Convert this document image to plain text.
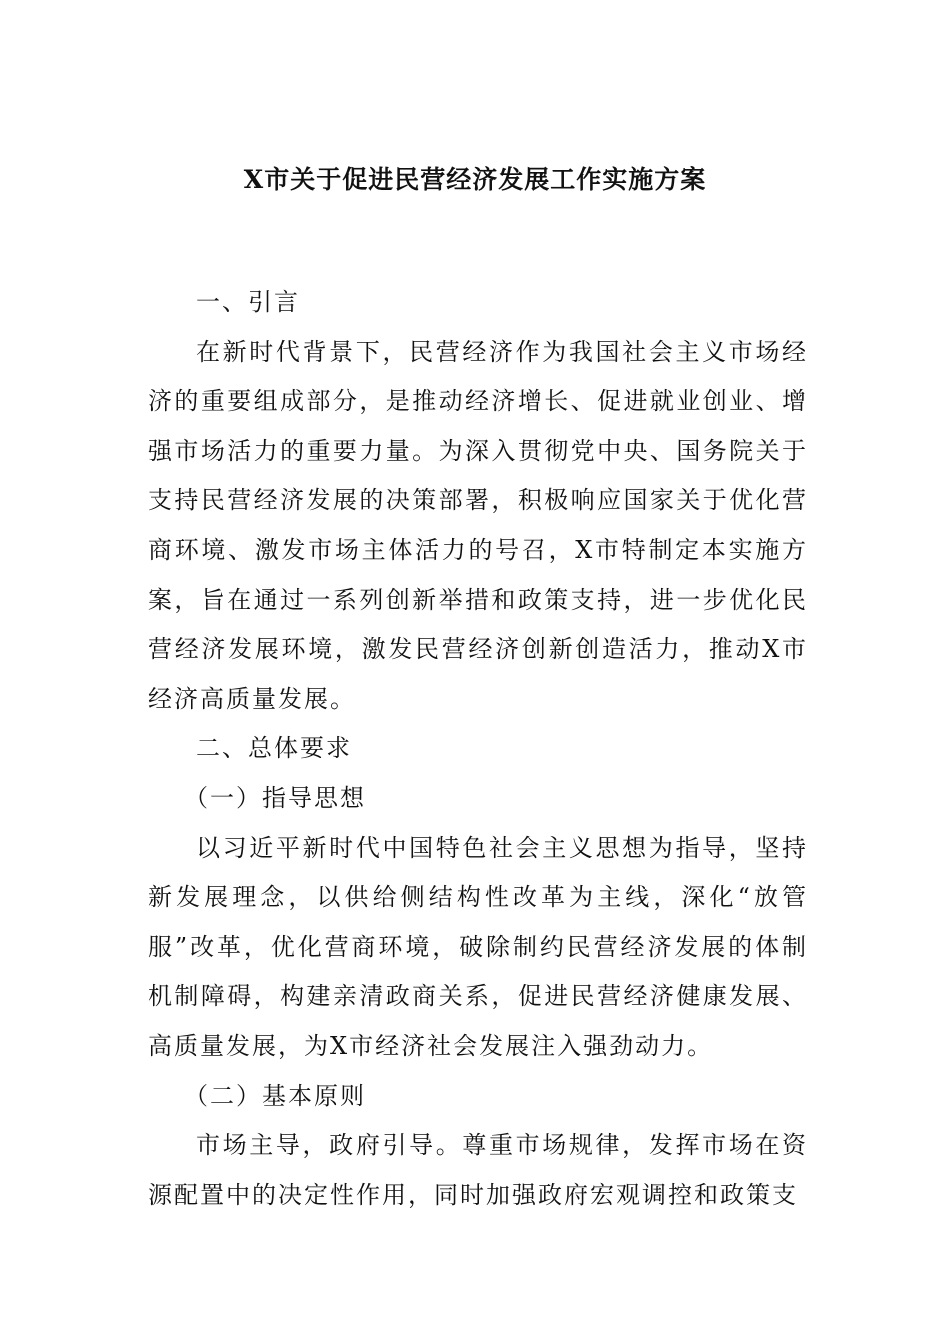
X市关于促进民营经济发展工作实施方案

一、引言

在新时代背景下，民营经济作为我国社会主义市场经济的重要组成部分，是推动经济增长、促进就业创业、增强市场活力的重要力量。为深入贯彻党中央、国务院关于支持民营经济发展的决策部署，积极响应国家关于优化营商环境、激发市场主体活力的号召，X市特制定本实施方案，旨在通过一系列创新举措和政策支持，进一步优化民营经济发展环境，激发民营经济创新创造活力，推动X市经济高质量发展。

二、总体要求

（一）指导思想

以习近平新时代中国特色社会主义思想为指导，坚持新发展理念，以供给侧结构性改革为主线，深化“放管服”改革，优化营商环境，破除制约民营经济发展的体制机制障碍，构建亲清政商关系，促进民营经济健康发展、高质量发展，为X市经济社会发展注入强劲动力。

（二）基本原则

市场主导，政府引导。尊重市场规律，发挥市场在资源配置中的决定性作用，同时加强政府宏观调控和政策支
